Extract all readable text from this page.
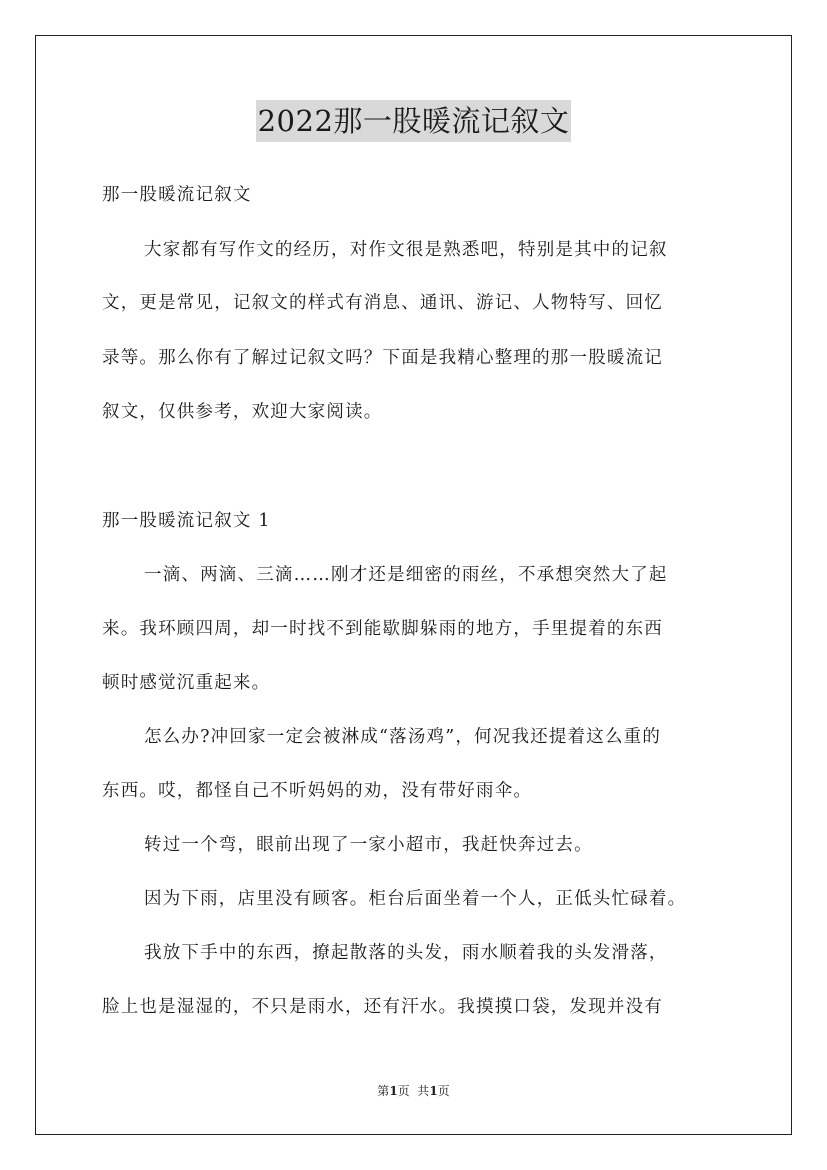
2022那一股暖流记叙文
那一股暖流记叙文
大家都有写作文的经历，对作文很是熟悉吧，特别是其中的记叙
文，更是常见，记叙文的样式有消息、通讯、游记、人物特写、回忆
录等。那么你有了解过记叙文吗？下面是我精心整理的那一股暖流记
叙文，仅供参考，欢迎大家阅读。
那一股暖流记叙文 1
一滴、两滴、三滴……刚才还是细密的雨丝，不承想突然大了起
来。我环顾四周，却一时找不到能歇脚躲雨的地方，手里提着的东西
顿时感觉沉重起来。
怎么办?冲回家一定会被淋成“落汤鸡”，何况我还提着这么重的
东西。哎，都怪自己不听妈妈的劝，没有带好雨伞。
转过一个弯，眼前出现了一家小超市，我赶快奔过去。
因为下雨，店里没有顾客。柜台后面坐着一个人，正低头忙碌着。
我放下手中的东西，撩起散落的头发，雨水顺着我的头发滑落，
脸上也是湿湿的，不只是雨水，还有汗水。我摸摸口袋，发现并没有
第1页  共1页
